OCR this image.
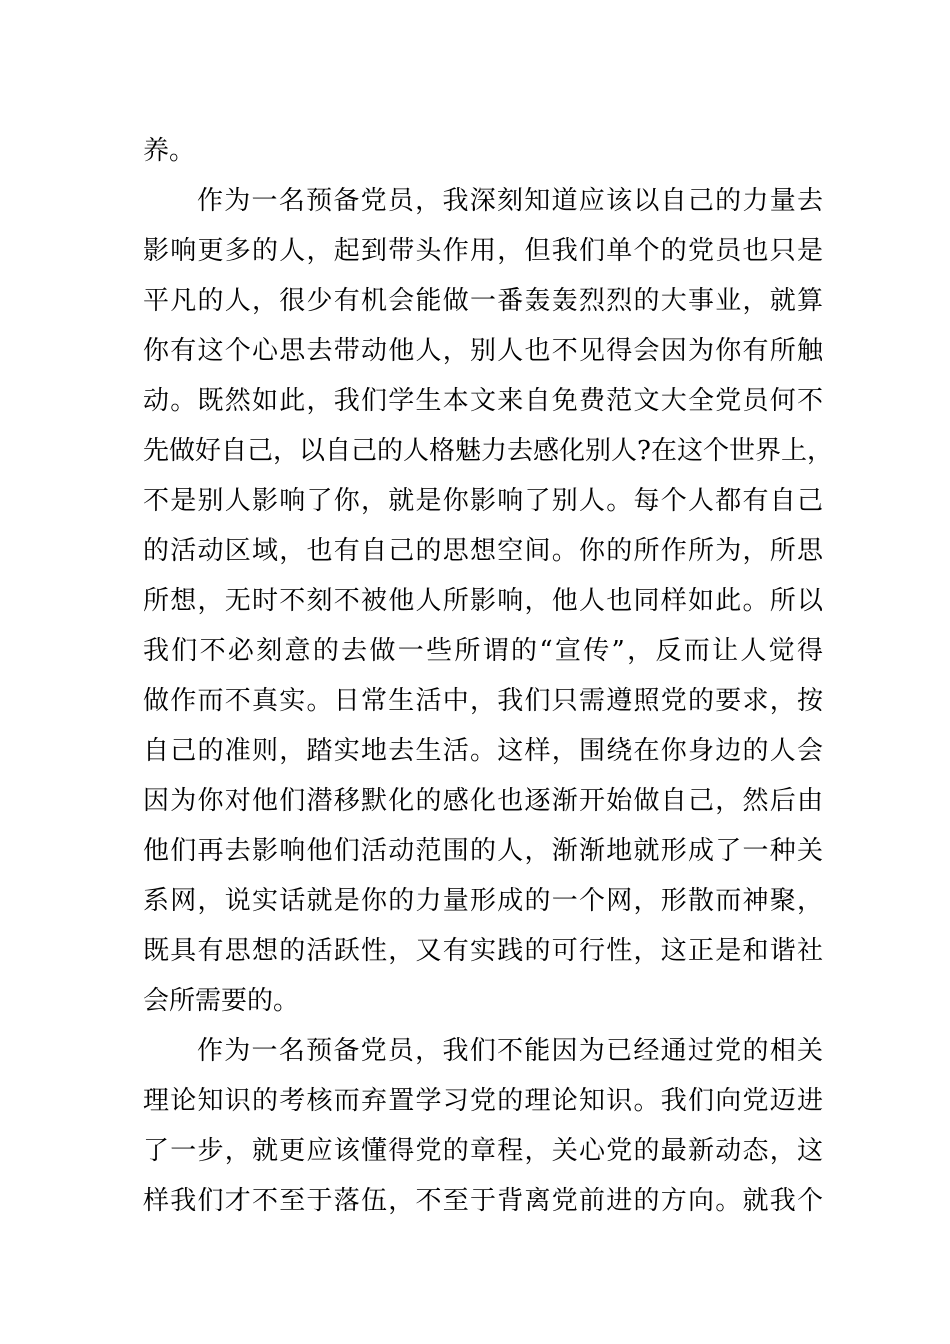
养。
作为一名预备党员，我深刻知道应该以自己的力量去
影响更多的人，起到带头作用，但我们单个的党员也只是
平凡的人，很少有机会能做一番轰轰烈烈的大事业，就算
你有这个心思去带动他人，别人也不见得会因为你有所触
动。既然如此，我们学生本文来自免费范文大全党员何不
先做好自己，以自己的人格魅力去感化别人?在这个世界上，
不是别人影响了你，就是你影响了别人。每个人都有自己
的活动区域，也有自己的思想空间。你的所作所为，所思
所想，无时不刻不被他人所影响，他人也同样如此。所以
我们不必刻意的去做一些所谓的“宣传”，反而让人觉得
做作而不真实。日常生活中，我们只需遵照党的要求，按
自己的准则，踏实地去生活。这样，围绕在你身边的人会
因为你对他们潜移默化的感化也逐渐开始做自己，然后由
他们再去影响他们活动范围的人，渐渐地就形成了一种关
系网，说实话就是你的力量形成的一个网，形散而神聚，
既具有思想的活跃性，又有实践的可行性，这正是和谐社
会所需要的。
作为一名预备党员，我们不能因为已经通过党的相关
理论知识的考核而弃置学习党的理论知识。我们向党迈进
了一步，就更应该懂得党的章程，关心党的最新动态，这
样我们才不至于落伍，不至于背离党前进的方向。就我个
